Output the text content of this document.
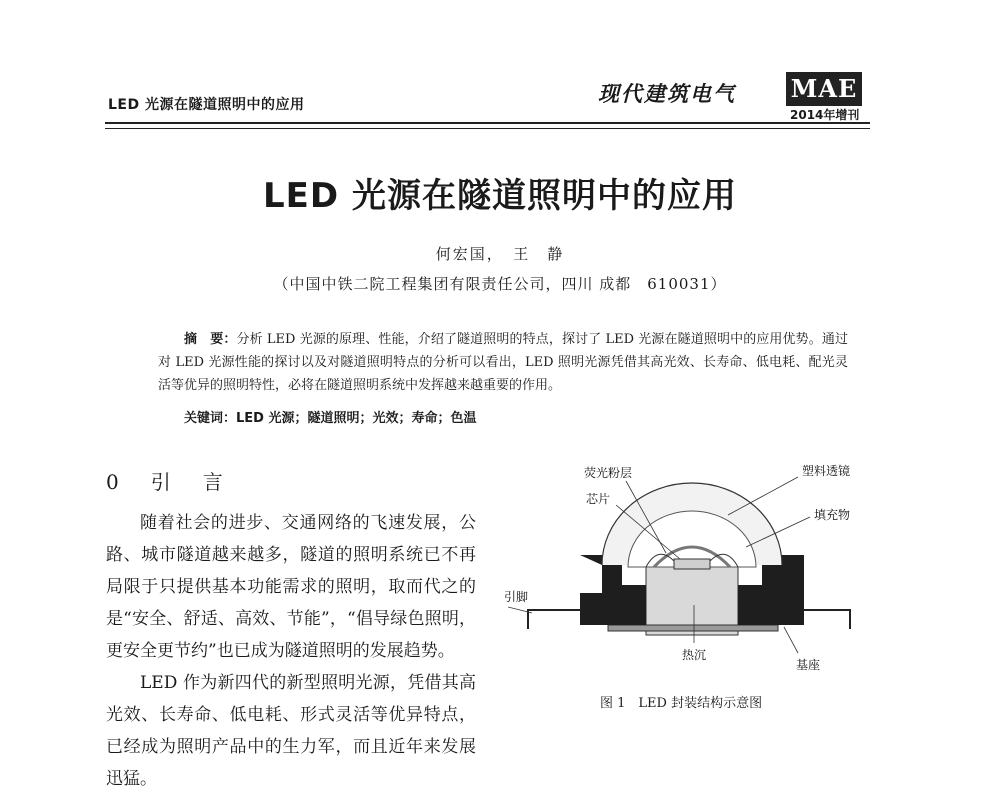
LED 光源在隧道照明中的应用	现代建筑电气 MAE
2014年增刊
LED 光源在隧道照明中的应用
何宏国，　王　静
（中国中铁二院工程集团有限责任公司，四川 成都　610031）
摘　要：分析 LED 光源的原理、性能，介绍了隧道照明的特点，探讨了 LED 光源在隧道照明中的应用优势。通过对 LED 光源性能的探讨以及对隧道照明特点的分析可以看出，LED 照明光源凭借其高光效、长寿命、低电耗、配光灵活等优异的照明特性，必将在隧道照明系统中发挥越来越重要的作用。
关键词：LED 光源；隧道照明；光效；寿命；色温
0　引　言

随着社会的进步、交通网络的飞速发展，公路、城市隧道越来越多，隧道的照明系统已不再局限于只提供基本功能需求的照明，取而代之的是“安全、舒适、高效、节能”，“倡导绿色照明，更安全更节约”也已成为隧道照明的发展趋势。

LED 作为新四代的新型照明光源，凭借其高光效、长寿命、低电耗、形式灵活等优异特点，已经成为照明产品中的生力军，而且近年来发展迅猛。

荧光粉层
芯片
塑料透镜
填充物
引脚
热沉
基座
图 1　LED 封装结构示意图
